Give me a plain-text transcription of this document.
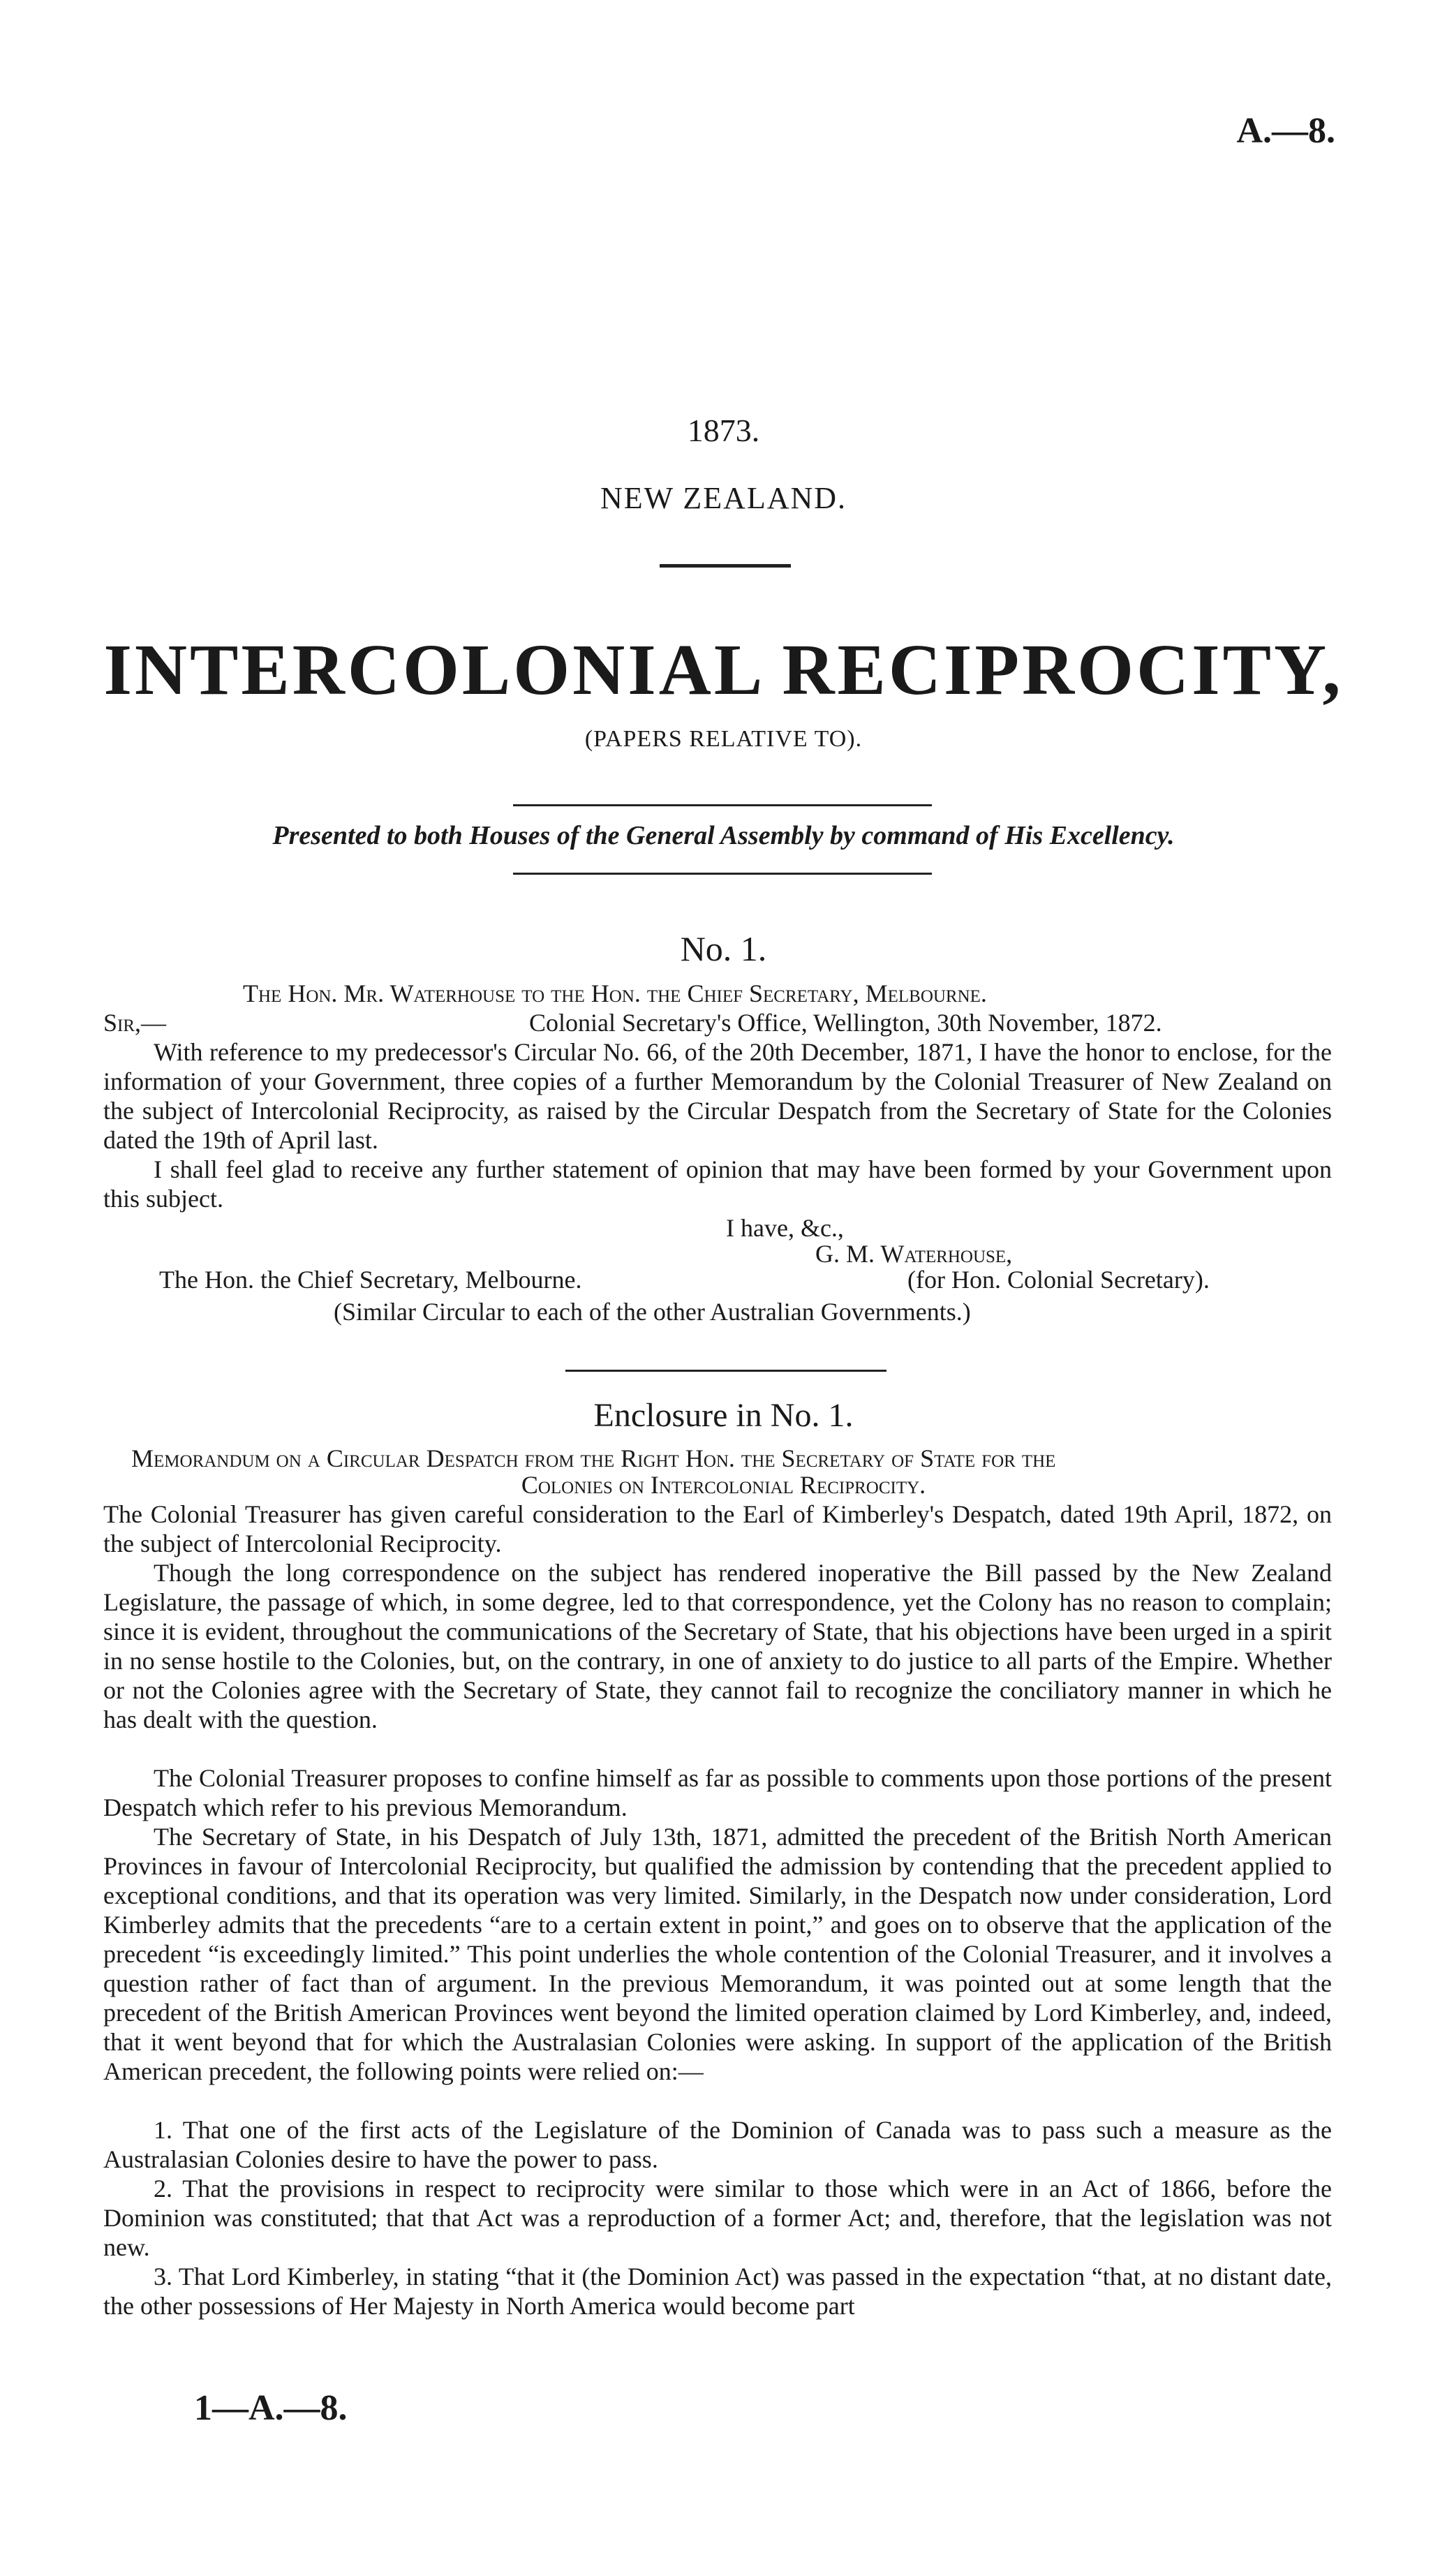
A.—8.
1873.
NEW ZEALAND.
INTERCOLONIAL RECIPROCITY,
(PAPERS RELATIVE TO).
Presented to both Houses of the General Assembly by command of His Excellency.
No. 1.
The Hon. Mr. Waterhouse to the Hon. the Chief Secretary, Melbourne.
Sir,—	Colonial Secretary's Office, Wellington, 30th November, 1872.
With reference to my predecessor's Circular No. 66, of the 20th December, 1871, I have the honor to enclose, for the information of your Government, three copies of a further Memorandum by the Colonial Treasurer of New Zealand on the subject of Intercolonial Reciprocity, as raised by the Circular Despatch from the Secretary of State for the Colonies dated the 19th of April last.
I shall feel glad to receive any further statement of opinion that may have been formed by your Government upon this subject.
I have, &c.,
G. M. Waterhouse,
The Hon. the Chief Secretary, Melbourne.	(for Hon. Colonial Secretary).
(Similar Circular to each of the other Australian Governments.)
Enclosure in No. 1.
Memorandum on a Circular Despatch from the Right Hon. the Secretary of State for the
Colonies on Intercolonial Reciprocity.
The Colonial Treasurer has given careful consideration to the Earl of Kimberley's Despatch, dated 19th April, 1872, on the subject of Intercolonial Reciprocity.
Though the long correspondence on the subject has rendered inoperative the Bill passed by the New Zealand Legislature, the passage of which, in some degree, led to that correspondence, yet the Colony has no reason to complain; since it is evident, throughout the communications of the Secretary of State, that his objections have been urged in a spirit in no sense hostile to the Colonies, but, on the contrary, in one of anxiety to do justice to all parts of the Empire. Whether or not the Colonies agree with the Secretary of State, they cannot fail to recognize the conciliatory manner in which he has dealt with the question.
The Colonial Treasurer proposes to confine himself as far as possible to comments upon those portions of the present Despatch which refer to his previous Memorandum.
The Secretary of State, in his Despatch of July 13th, 1871, admitted the precedent of the British North American Provinces in favour of Intercolonial Reciprocity, but qualified the admission by contending that the precedent applied to exceptional conditions, and that its operation was very limited. Similarly, in the Despatch now under consideration, Lord Kimberley admits that the precedents “are to a certain extent in point,” and goes on to observe that the application of the precedent “is exceedingly limited.” This point underlies the whole contention of the Colonial Treasurer, and it involves a question rather of fact than of argument. In the previous Memorandum, it was pointed out at some length that the precedent of the British American Provinces went beyond the limited operation claimed by Lord Kimberley, and, indeed, that it went beyond that for which the Australasian Colonies were asking. In support of the application of the British American precedent, the following points were relied on:—
1. That one of the first acts of the Legislature of the Dominion of Canada was to pass such a measure as the Australasian Colonies desire to have the power to pass.
2. That the provisions in respect to reciprocity were similar to those which were in an Act of 1866, before the Dominion was constituted; that that Act was a reproduction of a former Act; and, therefore, that the legislation was not new.
3. That Lord Kimberley, in stating “that it (the Dominion Act) was passed in the expectation “that, at no distant date, the other possessions of Her Majesty in North America would become part
1—A.—8.
